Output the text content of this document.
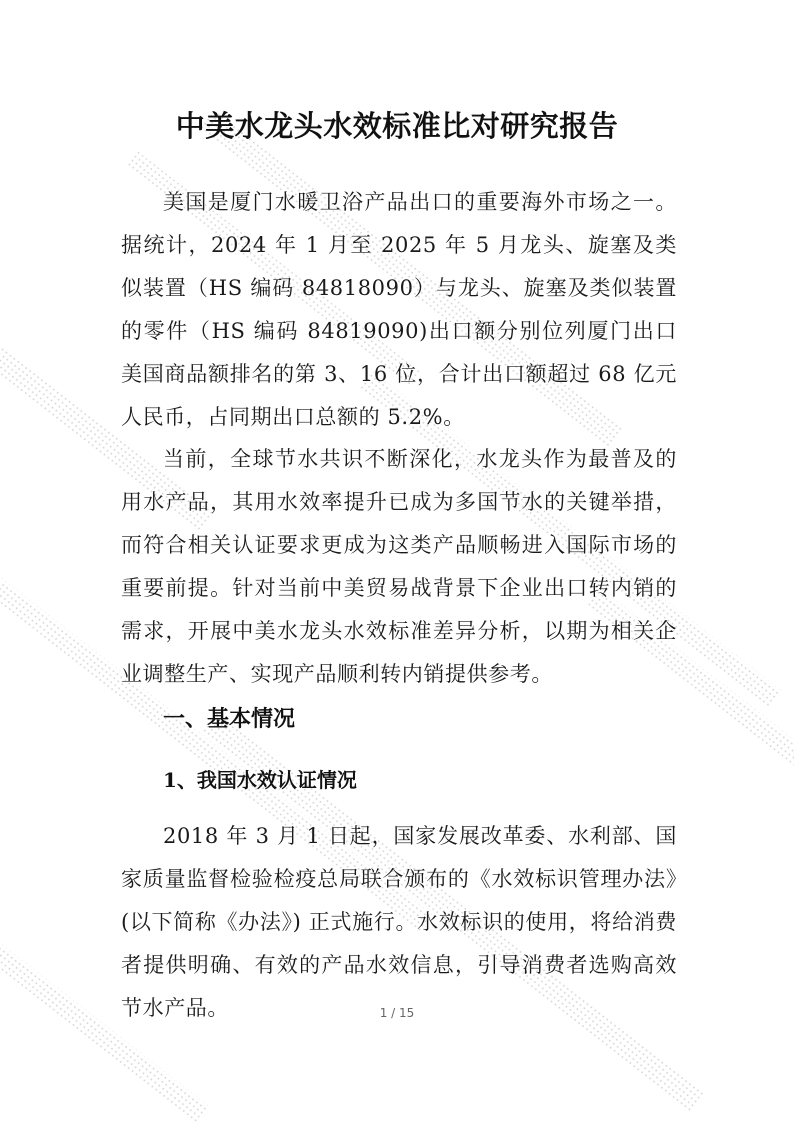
中美水龙头水效标准比对研究报告

美国是厦门水暖卫浴产品出口的重要海外市场之一。据统计，2024 年 1 月至 2025 年 5 月龙头、旋塞及类似装置（HS 编码 84818090）与龙头、旋塞及类似装置的零件（HS 编码 84819090)出口额分别位列厦门出口美国商品额排名的第 3、16 位，合计出口额超过 68 亿元人民币，占同期出口总额的 5.2%。

当前，全球节水共识不断深化，水龙头作为最普及的用水产品，其用水效率提升已成为多国节水的关键举措，而符合相关认证要求更成为这类产品顺畅进入国际市场的重要前提。针对当前中美贸易战背景下企业出口转内销的需求，开展中美水龙头水效标准差异分析，以期为相关企业调整生产、实现产品顺利转内销提供参考。

一、基本情况
1、我国水效认证情况

2018 年 3 月 1 日起，国家发展改革委、水利部、国家质量监督检验检疫总局联合颁布的《水效标识管理办法》(以下简称《办法》) 正式施行。水效标识的使用，将给消费者提供明确、有效的产品水效信息，引导消费者选购高效节水产品。	1 / 15
